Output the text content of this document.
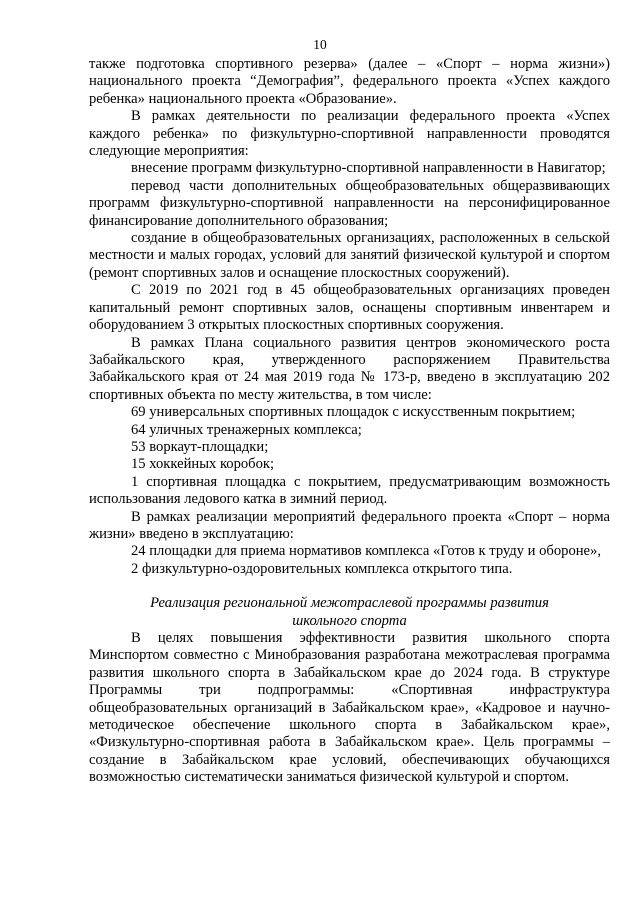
10

также подготовка спортивного резерва» (далее – «Спорт – норма жизни») национального проекта “Демография”, федерального проекта «Успех каждого ребенка» национального проекта «Образование».

В рамках деятельности по реализации федерального проекта «Успех каждого ребенка» по физкультурно-спортивной направленности проводятся следующие мероприятия:

внесение программ физкультурно-спортивной направленности в Навигатор;

перевод части дополнительных общеобразовательных общеразвивающих программ физкультурно-спортивной направленности на персонифицированное финансирование дополнительного образования;

создание в общеобразовательных организациях, расположенных в сельской местности и малых городах, условий для занятий физической культурой и спортом (ремонт спортивных залов и оснащение плоскостных сооружений).

С 2019 по 2021 год в 45 общеобразовательных организациях проведен капитальный ремонт спортивных залов, оснащены спортивным инвентарем и оборудованием 3 открытых плоскостных спортивных сооружения.

В рамках Плана социального развития центров экономического роста Забайкальского края, утвержденного распоряжением Правительства Забайкальского края от 24 мая 2019 года № 173-р, введено в эксплуатацию 202 спортивных объекта по месту жительства, в том числе:

69 универсальных спортивных площадок с искусственным покрытием;

64 уличных тренажерных комплекса;

53 воркаут-площадки;

15 хоккейных коробок;

1 спортивная площадка с покрытием, предусматривающим возможность использования ледового катка в зимний период.

В рамках реализации мероприятий федерального проекта «Спорт – норма жизни» введено в эксплуатацию:

24 площадки для приема нормативов комплекса «Готов к труду и обороне»,

2 физкультурно-оздоровительных комплекса открытого типа.

Реализация региональной межотраслевой программы развития
школьного спорта

В целях повышения эффективности развития школьного спорта Минспортом совместно с Минобразования разработана межотраслевая программа развития школьного спорта в Забайкальском крае до 2024 года. В структуре Программы три подпрограммы: «Спортивная инфраструктура общеобразовательных организаций в Забайкальском крае», «Кадровое и научно-методическое обеспечение школьного спорта в Забайкальском крае», «Физкультурно-спортивная работа в Забайкальском крае». Цель программы – создание в Забайкальском крае условий, обеспечивающих обучающихся возможностью систематически заниматься физической культурой и спортом.
